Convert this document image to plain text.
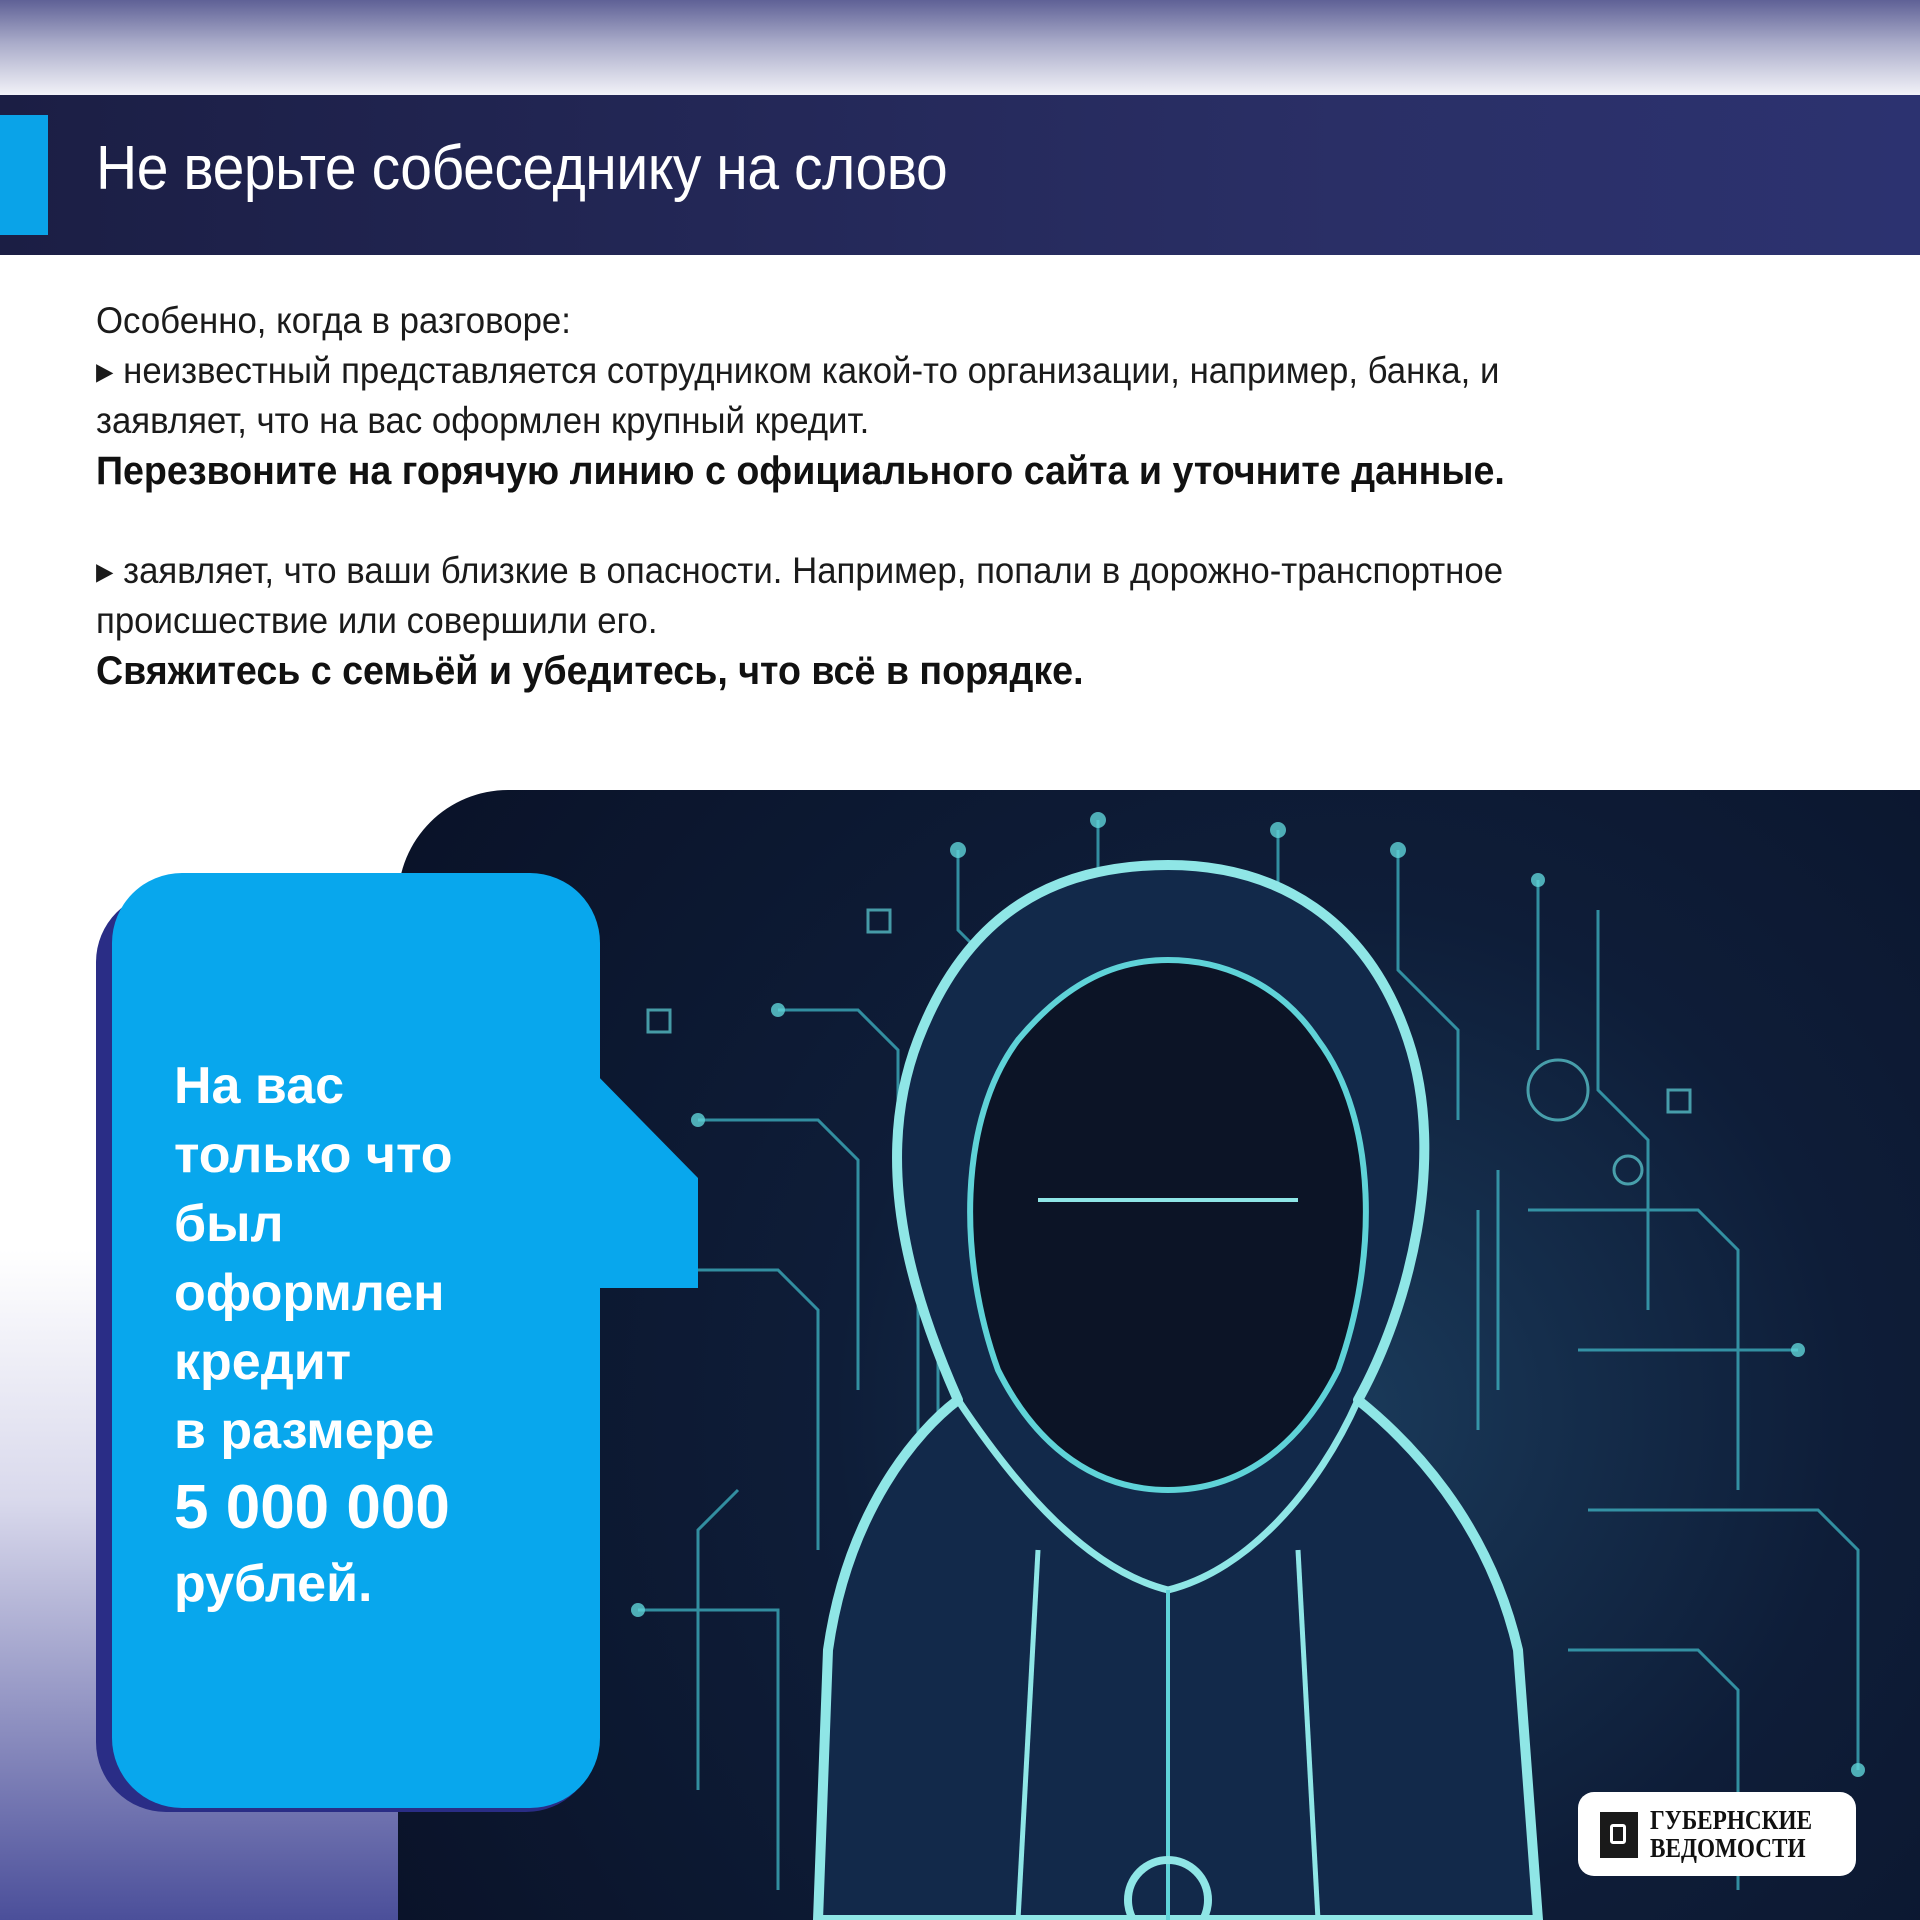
Не верьте собеседнику на слово

Особенно, когда в разговоре:

▸ неизвестный представляется сотрудником какой-то организации, например, банка, и заявляет, что на вас оформлен крупный кредит.

Перезвоните на горячую линию с официального сайта и уточните данные.

▸ заявляет, что ваши близкие в опасности. Например, попали в дорожно-транспортное происшествие или совершили его.

Свяжитесь с семьёй и убедитесь, что всё в порядке.

На вас
только что
был
оформлен
кредит
в размере
5 000 000
рублей.
ГУБЕРНСКИЕ
ВЕДОМОСТИ
